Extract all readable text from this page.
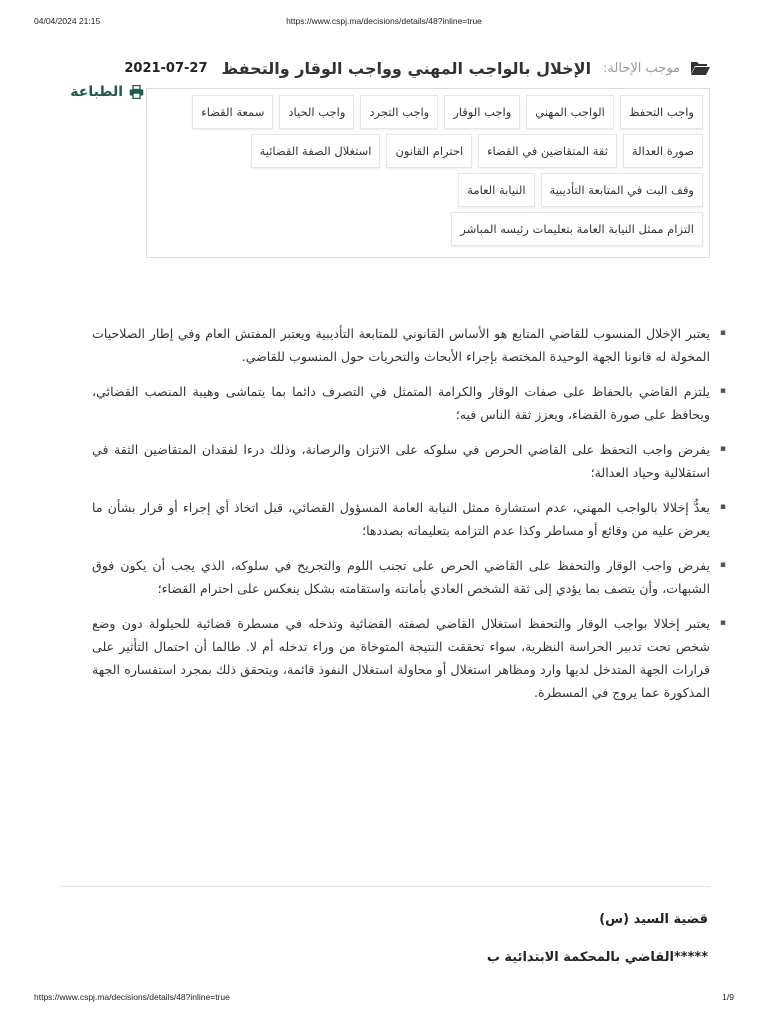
04/04/2024 21:15	https://www.cspj.ma/decisions/details/48?inline=true
موجب الإحالة:
الإخلال بالواجب المهني وواجب الوقار والتحفظ
2021-07-27
الطباعة
واجب التحفظ
الواجب المهني
واجب الوقار
واجب التجرد
واجب الحياد
سمعة القضاء
صورة العدالة
ثقة المتقاضين في القضاء
احترام القانون
استغلال الصفة القضائية
وقف البت في المتابعة التأديبية
النيابة العامة
التزام ممثل النيابة العامة بتعليمات رئيسه المباشر
▪ يعتبر الإخلال المنسوب للقاضي المتابع هو الأساس القانوني للمتابعة التأديبية ويعتبر المفتش العام وفي إطار الصلاحيات المخولة له قانونا الجهة الوحيدة المختصة بإجراء الأبحاث والتحريات حول المنسوب للقاضي.
▪ يلتزم القاضي بالحفاظ على صفات الوقار والكرامة المتمثل في التصرف دائما بما يتماشى وهيبة المنصب القضائي، ويحافظ على صورة القضاء، ويعزز ثقة الناس فيه؛
▪ يفرض واجب التحفظ على القاضي الحرص في سلوكه على الاتزان والرصانة، وذلك درءا لفقدان المتقاضين الثقة في استقلالية وحياد العدالة؛
▪ يعدُّ إخلالا بالواجب المهني، عدم استشارة ممثل النيابة العامة المسؤول القضائي، قبل اتخاذ أي إجراء أو قرار بشأن ما يعرض عليه من وقائع أو مساطر وكذا عدم التزامه بتعليماته بصددها؛
▪ يفرض واجب الوقار والتحفظ على القاضي الحرص على تجنب اللوم والتجريح في سلوكه، الذي يجب أن يكون فوق الشبهات، وأن يتصف بما يؤدي إلى ثقة الشخص العادي بأمانته واستقامته بشكل ينعكس على احترام القضاء؛
▪ يعتبر إخلالا بواجب الوقار والتحفظ استغلال القاضي لصفته القضائية وتدخله في مسطرة قضائية للحيلولة دون وضع شخص تحت تدبير الحراسة النظرية، سواء تحققت النتيجة المتوخاة من وراء تدخله أم لا. طالما أن احتمال التأثير على قرارات الجهة المتدخل لديها وارد ومظاهر استغلال أو محاولة استغلال النفوذ قائمة، ويتحقق ذلك بمجرد استفساره الجهة المذكورة عما يروج في المسطرة.
قضية السيد (س)
القاضي بالمحكمة الابتدائية ب*****
https://www.cspj.ma/decisions/details/48?inline=true	1/9
